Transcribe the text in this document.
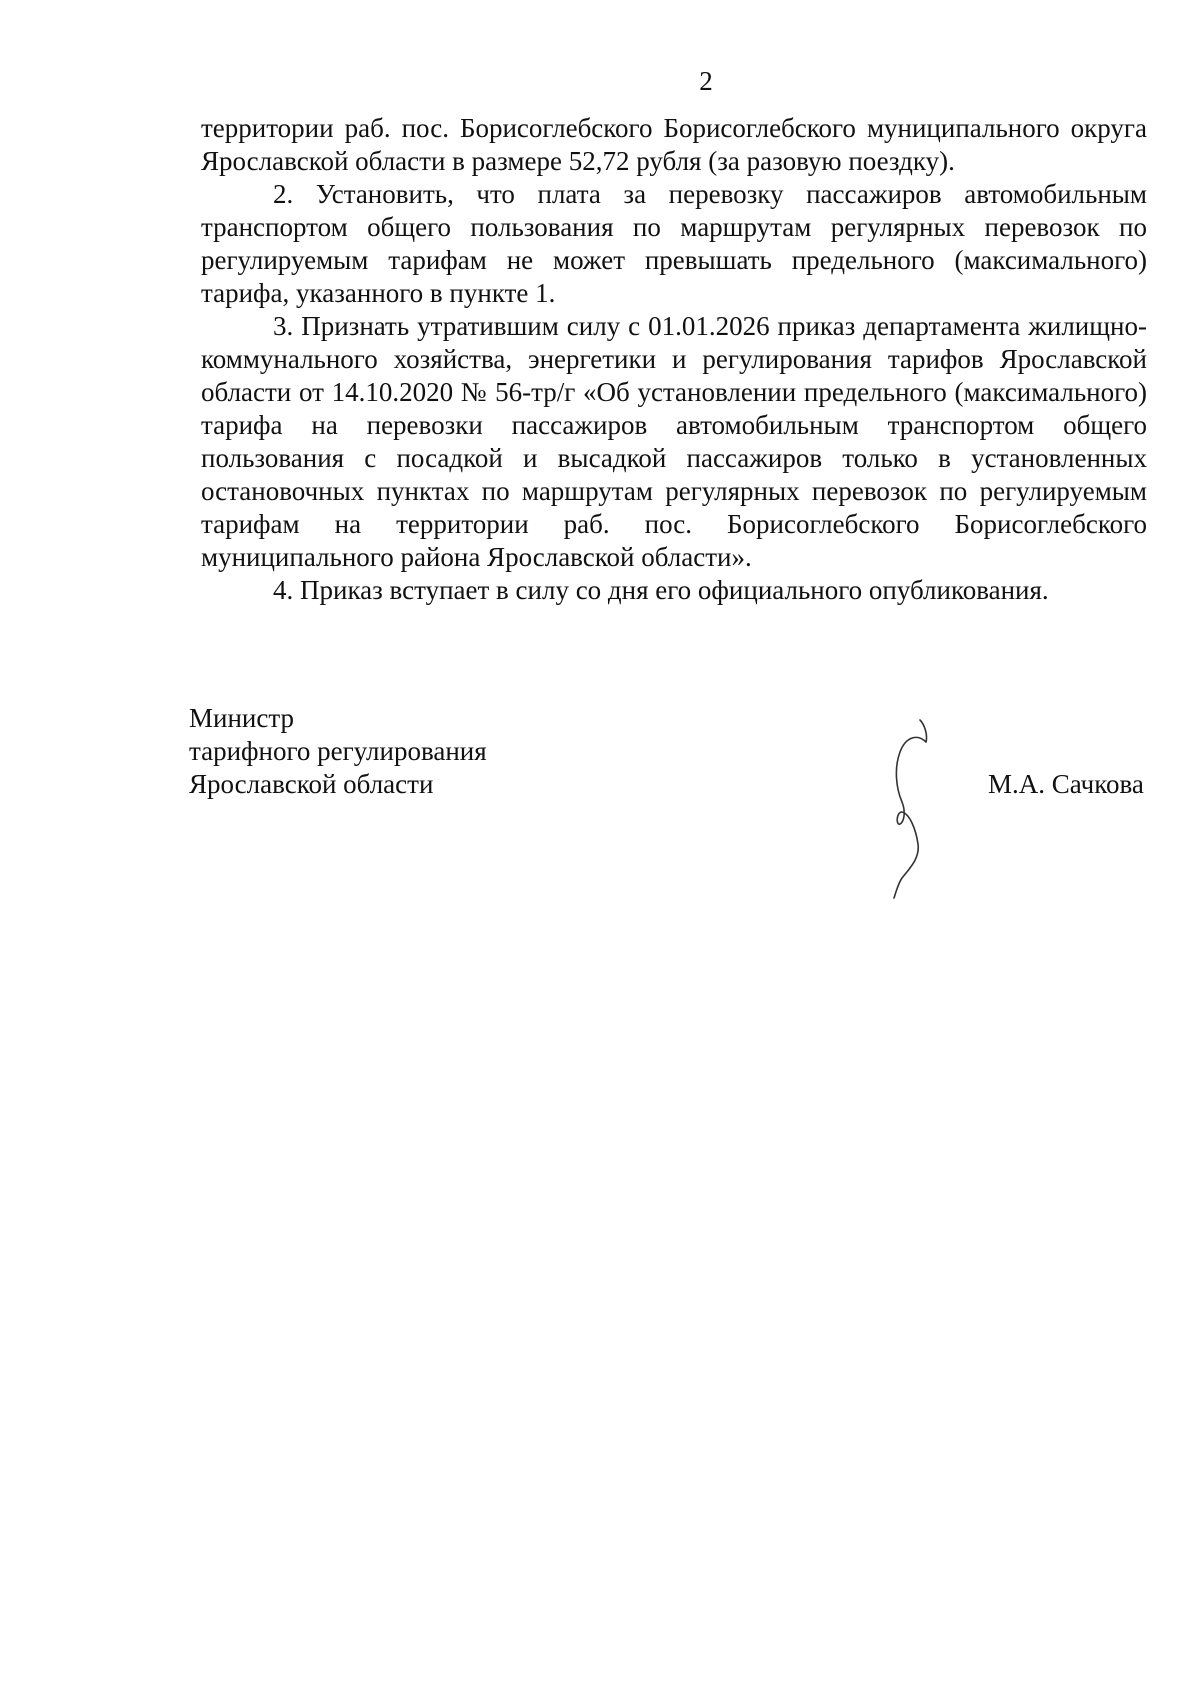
2

территории раб. пос. Борисоглебского Борисоглебского муниципального округа Ярославской области в размере 52,72 рубля (за разовую поездку).

2. Установить, что плата за перевозку пассажиров автомобильным транспортом общего пользования по маршрутам регулярных перевозок по регулируемым тарифам не может превышать предельного (максимального) тарифа, указанного в пункте 1.

3. Признать утратившим силу с 01.01.2026 приказ департамента жилищно-коммунального хозяйства, энергетики и регулирования тарифов Ярославской области от 14.10.2020 № 56-тр/г «Об установлении предельного (максимального) тарифа на перевозки пассажиров автомобильным транспортом общего пользования с посадкой и высадкой пассажиров только в установленных остановочных пунктах по маршрутам регулярных перевозок по регулируемым тарифам на территории раб. пос. Борисоглебского Борисоглебского муниципального района Ярославской области».

4. Приказ вступает в силу со дня его официального опубликования.

Министр
тарифного регулирования
Ярославской области	М.А. Сачкова
